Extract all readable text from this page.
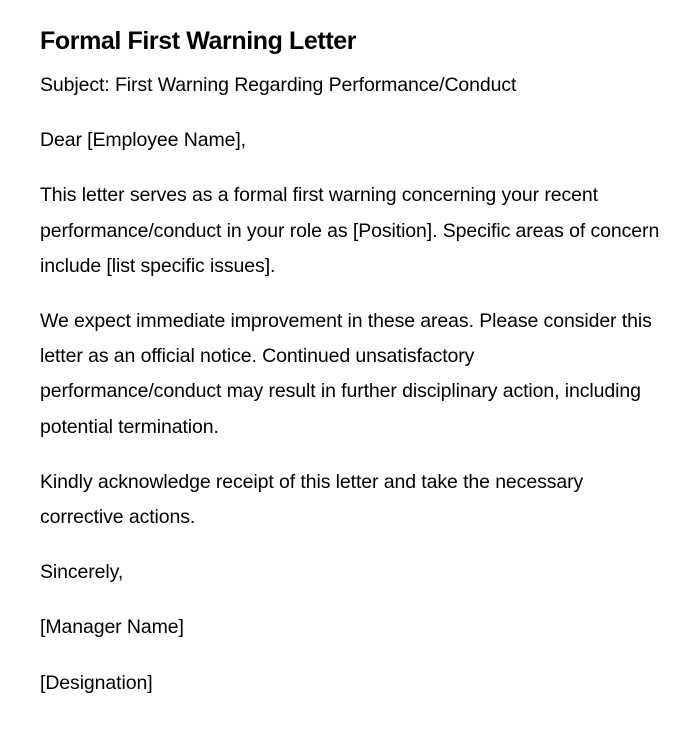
Formal First Warning Letter

Subject: First Warning Regarding Performance/Conduct

Dear [Employee Name],

This letter serves as a formal first warning concerning your recent performance/conduct in your role as [Position]. Specific areas of concern include [list specific issues].

We expect immediate improvement in these areas. Please consider this letter as an official notice. Continued unsatisfactory performance/conduct may result in further disciplinary action, including potential termination.

Kindly acknowledge receipt of this letter and take the necessary corrective actions.

Sincerely,

[Manager Name]

[Designation]
